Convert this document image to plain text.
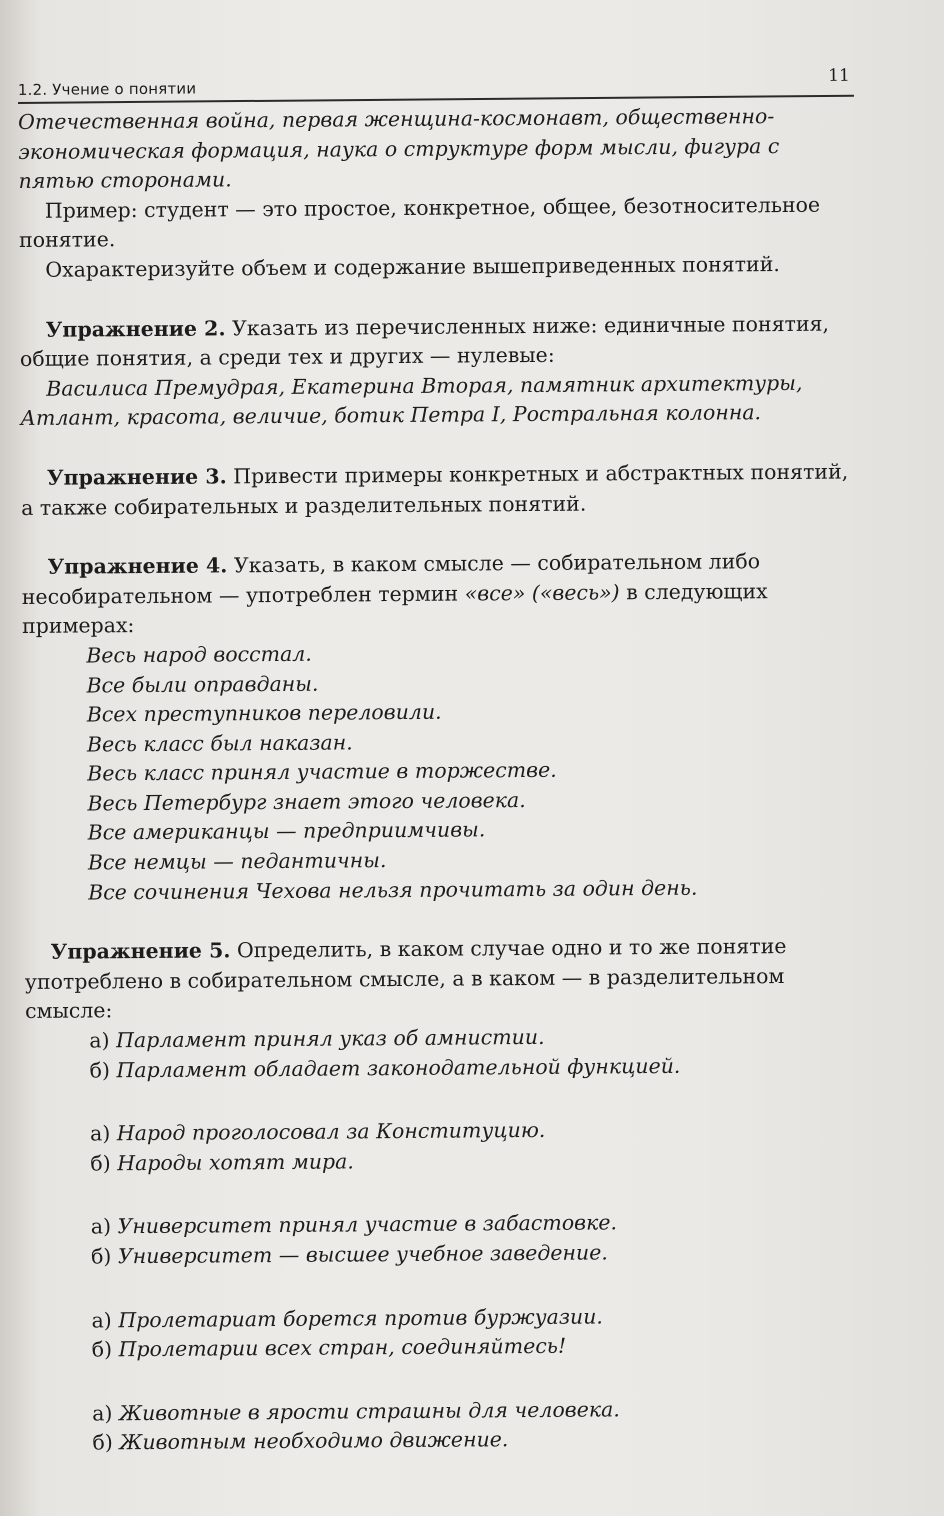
1.2. Учение о понятии
11

Отечественная война, первая женщина-космонавт, общественно-экономическая формация, наука о структуре форм мысли, фигура с пятью сторонами.

Пример: студент — это простое, конкретное, общее, безотносительное понятие.

Охарактеризуйте объем и содержание вышеприведенных понятий.

Упражнение 2. Указать из перечисленных ниже: единичные понятия, общие понятия, а среди тех и других — нулевые:

Василиса Премудрая, Екатерина Вторая, памятник архитектуры, Атлант, красота, величие, ботик Петра I, Ростральная колонна.

Упражнение 3. Привести примеры конкретных и абстрактных понятий, а также собирательных и разделительных понятий.

Упражнение 4. Указать, в каком смысле — собирательном либо несобирательном — употреблен термин «все» («весь») в следующих примерах:

Весь народ восстал.
Все были оправданы.
Всех преступников переловили.
Весь класс был наказан.
Весь класс принял участие в торжестве.
Весь Петербург знает этого человека.
Все американцы — предприимчивы.
Все немцы — педантичны.
Все сочинения Чехова нельзя прочитать за один день.

Упражнение 5. Определить, в каком случае одно и то же понятие употреблено в собирательном смысле, а в каком — в разделительном смысле:

а) Парламент принял указ об амнистии.
б) Парламент обладает законодательной функцией.
а) Народ проголосовал за Конституцию.
б) Народы хотят мира.
а) Университет принял участие в забастовке.
б) Университет — высшее учебное заведение.
а) Пролетариат борется против буржуазии.
б) Пролетарии всех стран, соединяйтесь!
а) Животные в ярости страшны для человека.
б) Животным необходимо движение.
